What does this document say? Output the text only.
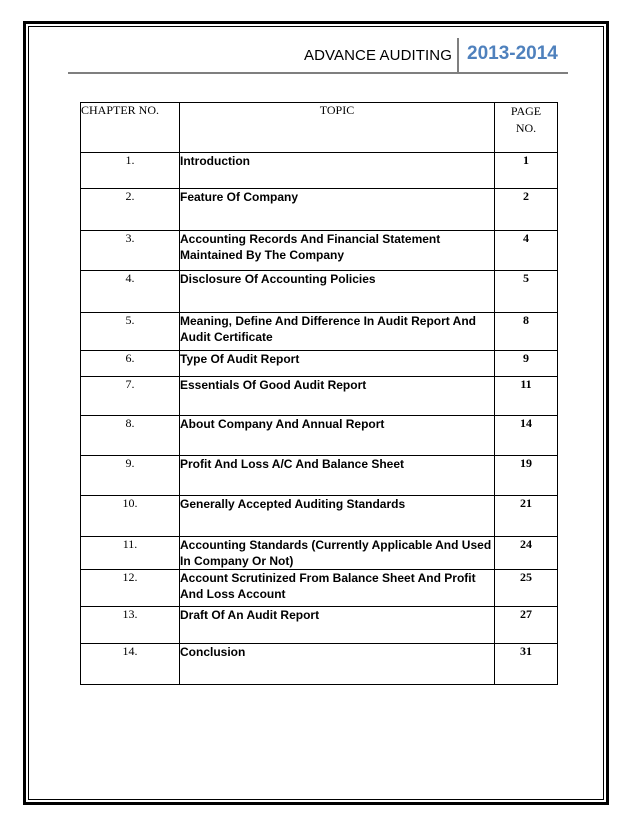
ADVANCE AUDITING 2013-2014
CHAPTER NO.	TOPIC	PAGE
NO.
1.	Introduction	1
2.	Feature Of Company	2
3.	Accounting Records And Financial Statement Maintained By The Company	4
4.	Disclosure Of Accounting Policies	5
5.	Meaning, Define And Difference In Audit Report And Audit Certificate	8
6.	Type Of Audit Report	9
7.	Essentials Of Good Audit Report	11
8.	About Company And Annual Report	14
9.	Profit And Loss A/C And Balance Sheet	19
10.	Generally Accepted Auditing Standards	21
11.	Accounting Standards (Currently Applicable And Used In Company Or Not)	24
12.	Account Scrutinized From Balance Sheet And Profit And Loss Account	25
13.	Draft Of An Audit Report	27
14.	Conclusion	31
